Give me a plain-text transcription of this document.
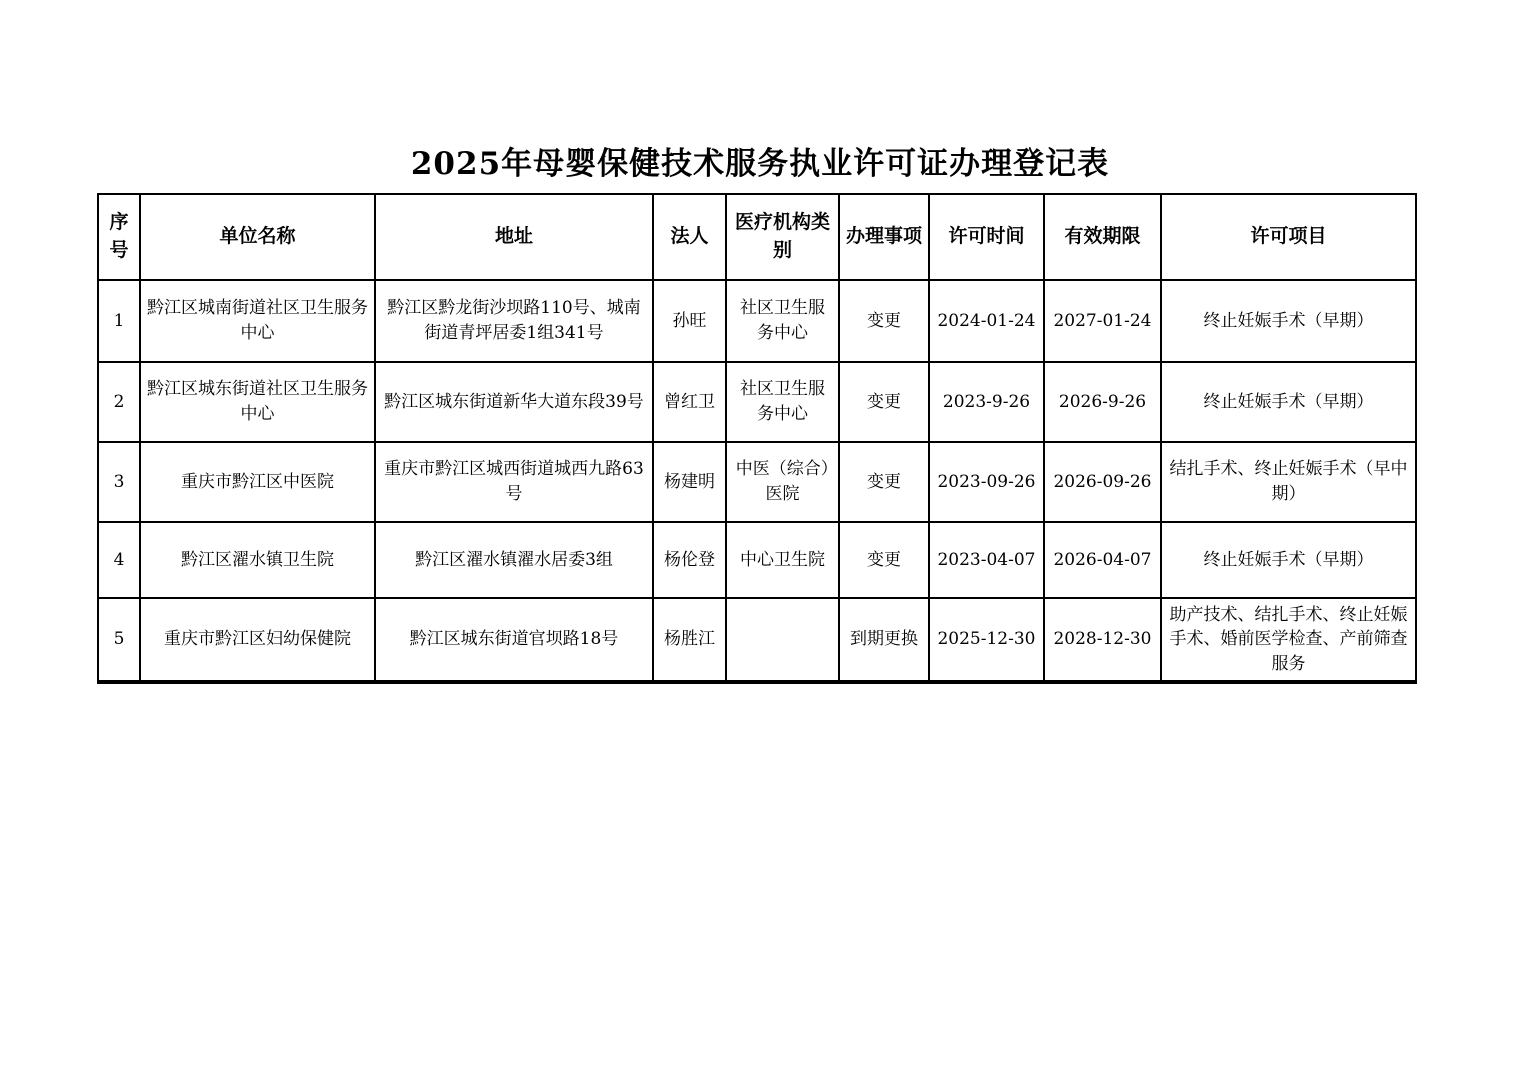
2025年母婴保健技术服务执业许可证办理登记表
序号	单位名称	地址	法人	医疗机构类别	办理事项	许可时间	有效期限	许可项目
1	黔江区城南街道社区卫生服务中心	黔江区黔龙街沙坝路110号、城南街道青坪居委1组341号	孙旺	社区卫生服务中心	变更	2024-01-24	2027-01-24	终止妊娠手术（早期）
2	黔江区城东街道社区卫生服务中心	黔江区城东街道新华大道东段39号	曾红卫	社区卫生服务中心	变更	2023-9-26	2026-9-26	终止妊娠手术（早期）
3	重庆市黔江区中医院	重庆市黔江区城西街道城西九路63号	杨建明	中医（综合）医院	变更	2023-09-26	2026-09-26	结扎手术、终止妊娠手术（早中期）
4	黔江区濯水镇卫生院	黔江区濯水镇濯水居委3组	杨伦登	中心卫生院	变更	2023-04-07	2026-04-07	终止妊娠手术（早期）
5	重庆市黔江区妇幼保健院	黔江区城东街道官坝路18号	杨胜江		到期更换	2025-12-30	2028-12-30	助产技术、结扎手术、终止妊娠手术、婚前医学检查、产前筛查服务
